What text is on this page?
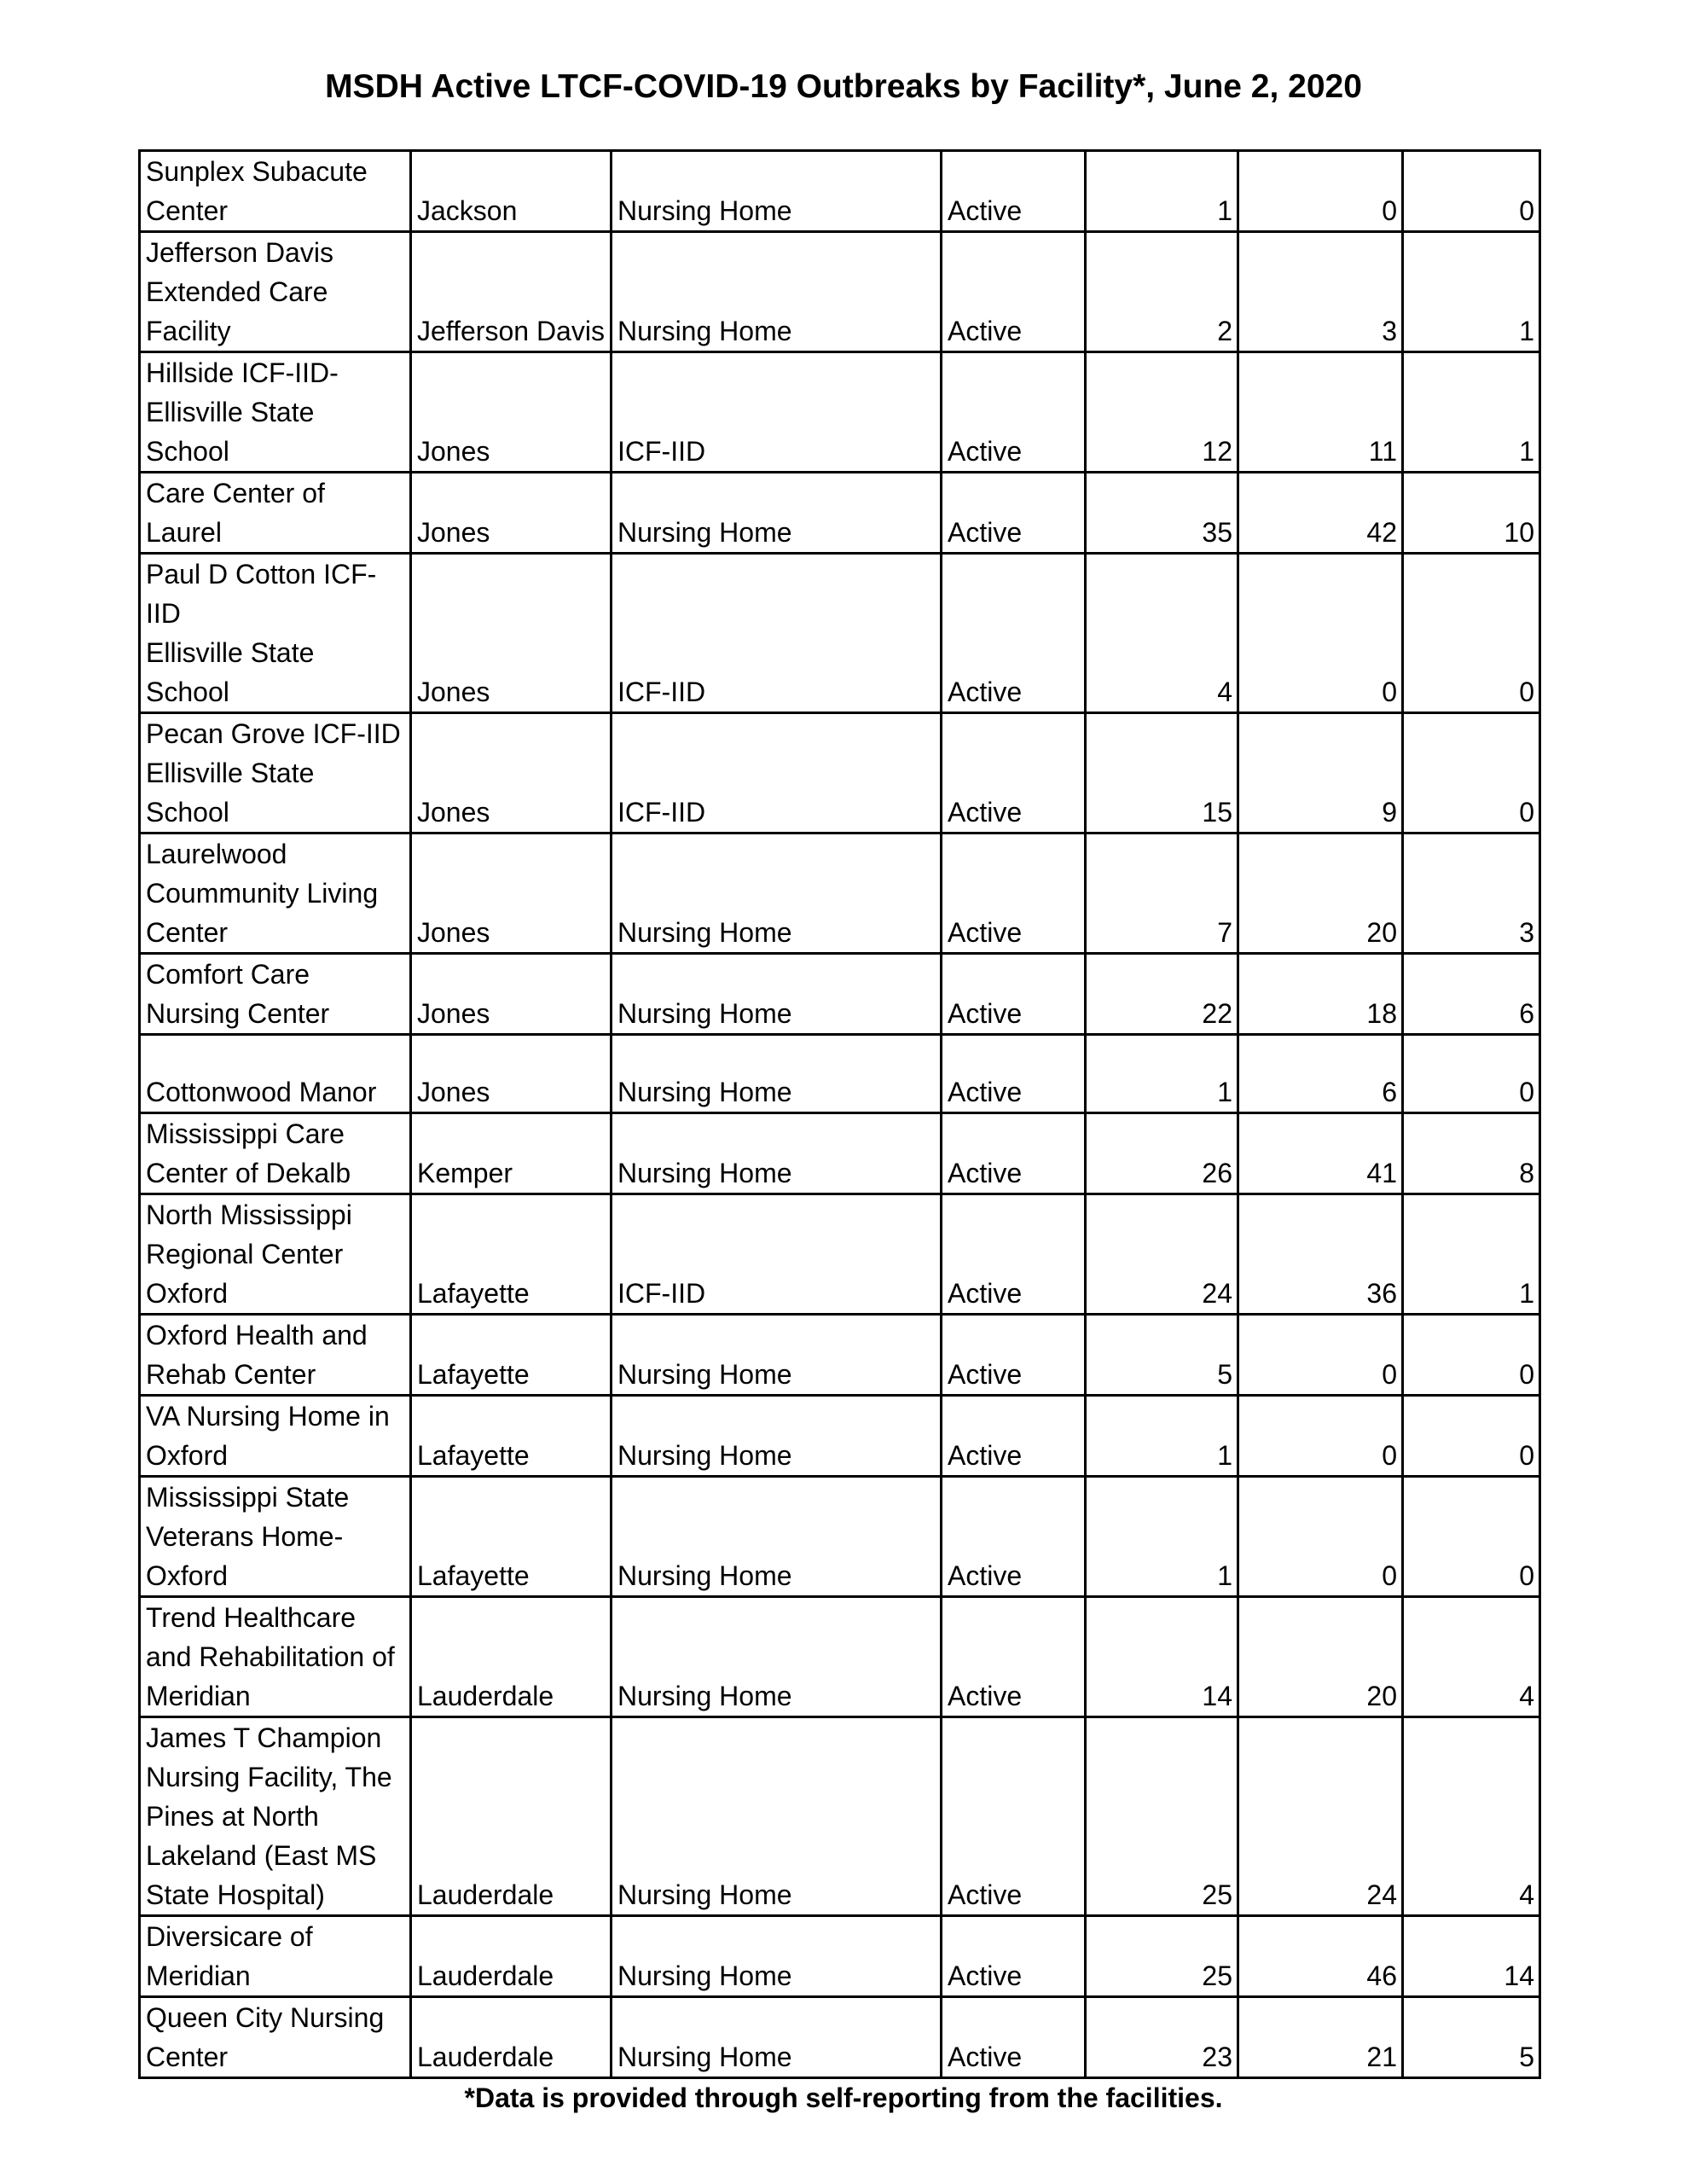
MSDH Active LTCF-COVID-19 Outbreaks by Facility*, June 2, 2020
Sunplex Subacute
Center	Jackson	Nursing Home	Active	1	0	0
Jefferson Davis
Extended Care
Facility	Jefferson Davis	Nursing Home	Active	2	3	1
Hillside ICF-IID-
Ellisville State School	Jones	ICF-IID	Active	12	11	1
Care Center of Laurel	Jones	Nursing Home	Active	35	42	10
Paul D Cotton ICF-IID
Ellisville State School	Jones	ICF-IID	Active	4	0	0
Pecan Grove ICF-IID
Ellisville State School	Jones	ICF-IID	Active	15	9	0
Laurelwood
Coummunity Living
Center	Jones	Nursing Home	Active	7	20	3
Comfort Care
Nursing Center	Jones	Nursing Home	Active	22	18	6
Cottonwood Manor	Jones	Nursing Home	Active	1	6	0
Mississippi Care
Center of Dekalb	Kemper	Nursing Home	Active	26	41	8
North Mississippi
Regional Center
Oxford	Lafayette	ICF-IID	Active	24	36	1
Oxford Health and
Rehab Center	Lafayette	Nursing Home	Active	5	0	0
VA Nursing Home in
Oxford	Lafayette	Nursing Home	Active	1	0	0
Mississippi State
Veterans Home-
Oxford	Lafayette	Nursing Home	Active	1	0	0
Trend Healthcare
and Rehabilitation of
Meridian	Lauderdale	Nursing Home	Active	14	20	4
James T Champion
Nursing Facility, The
Pines at North
Lakeland (East MS
State Hospital)	Lauderdale	Nursing Home	Active	25	24	4
Diversicare of
Meridian	Lauderdale	Nursing Home	Active	25	46	14
Queen City Nursing
Center	Lauderdale	Nursing Home	Active	23	21	5

*Data is provided through self-reporting from the facilities.
